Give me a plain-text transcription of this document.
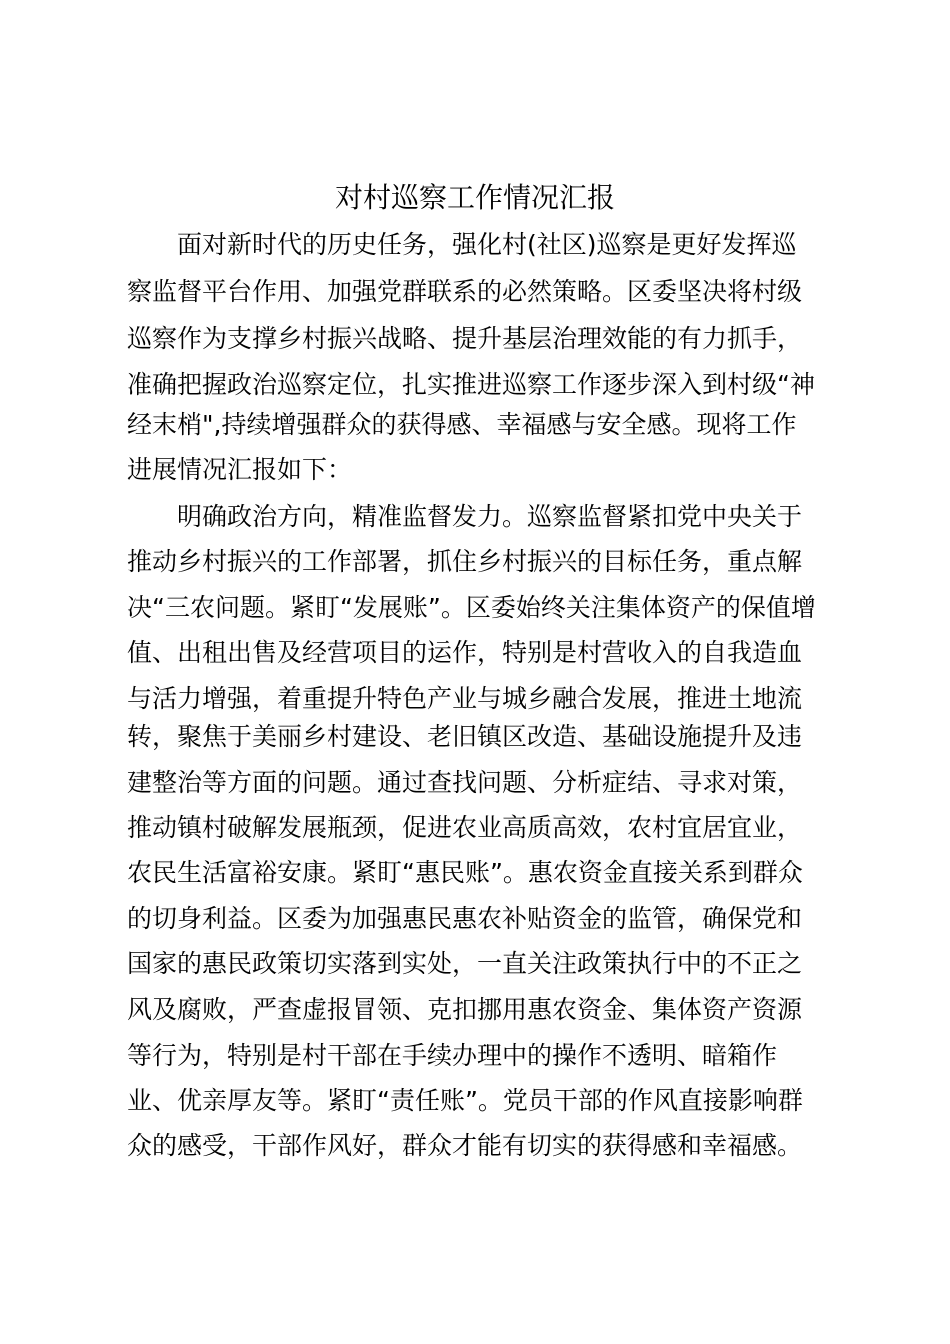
对村巡察工作情况汇报
　　面对新时代的历史任务，强化村(社区)巡察是更好发挥巡
察监督平台作用、加强党群联系的必然策略。区委坚决将村级
巡察作为支撑乡村振兴战略、提升基层治理效能的有力抓手，
准确把握政治巡察定位，扎实推进巡察工作逐步深入到村级“神
经末梢",持续增强群众的获得感、幸福感与安全感。现将工作
进展情况汇报如下：
　　明确政治方向，精准监督发力。巡察监督紧扣党中央关于
推动乡村振兴的工作部署，抓住乡村振兴的目标任务，重点解
决“三农问题。紧盯“发展账”。区委始终关注集体资产的保值增
值、出租出售及经营项目的运作，特别是村营收入的自我造血
与活力增强，着重提升特色产业与城乡融合发展，推进土地流
转，聚焦于美丽乡村建设、老旧镇区改造、基础设施提升及违
建整治等方面的问题。通过查找问题、分析症结、寻求对策，
推动镇村破解发展瓶颈，促进农业高质高效，农村宜居宜业，
农民生活富裕安康。紧盯“惠民账”。惠农资金直接关系到群众
的切身利益。区委为加强惠民惠农补贴资金的监管，确保党和
国家的惠民政策切实落到实处，一直关注政策执行中的不正之
风及腐败，严查虚报冒领、克扣挪用惠农资金、集体资产资源
等行为，特别是村干部在手续办理中的操作不透明、暗箱作
业、优亲厚友等。紧盯“责任账”。党员干部的作风直接影响群
众的感受，干部作风好，群众才能有切实的获得感和幸福感。
